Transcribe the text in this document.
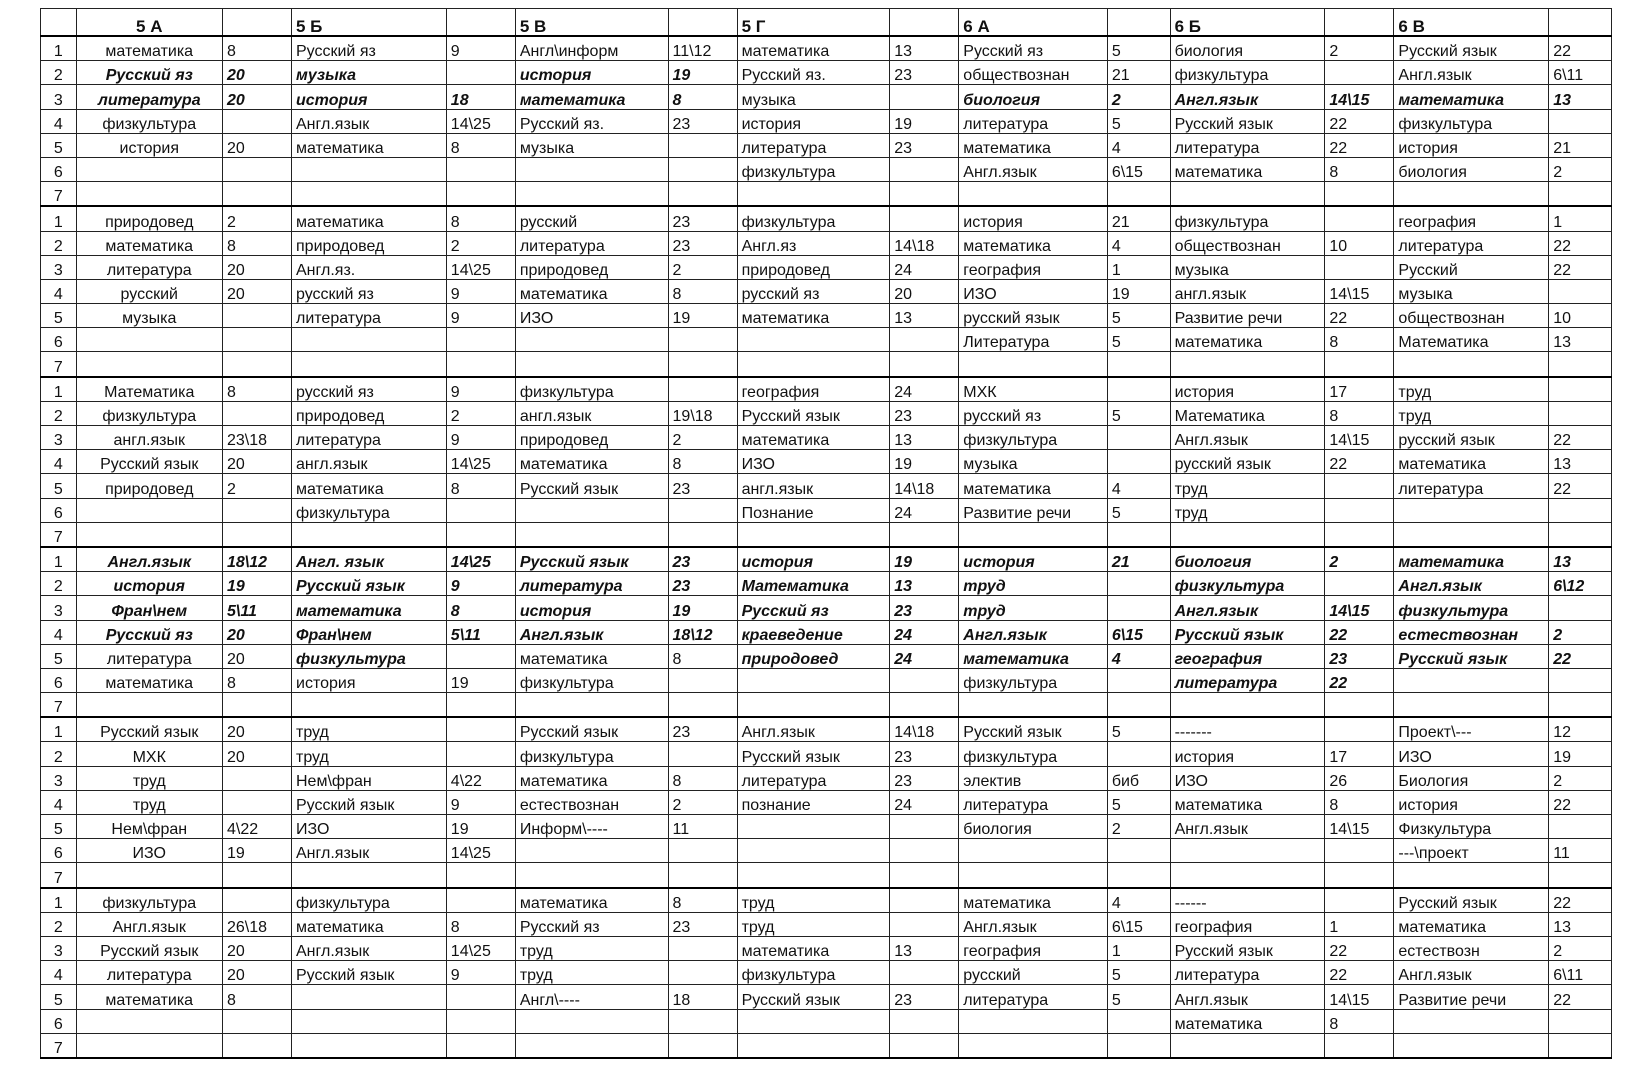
	5 А		5 Б		5 В		5 Г		6 А		6 Б		6 В	
1	математика	8	Русский яз	9	Англ\информ	11\12	математика	13	Русский яз	5	биология	2	Русский язык	22
2	Русский яз	20	музыка		история	19	Русский яз.	23	обществознан	21	физкультура		Англ.язык	6\11
3	литература	20	история	18	математика	8	музыка		биология	2	Англ.язык	14\15	математика	13
4	физкультура		Англ.язык	14\25	Русский яз.	23	история	19	литература	5	Русский язык	22	физкультура	
5	история	20	математика	8	музыка		литература	23	математика	4	литература	22	история	21
6							физкультура		Англ.язык	6\15	математика	8	биология	2
7														
1	природовед	2	математика	8	русский	23	физкультура		история	21	физкультура		география	1
2	математика	8	природовед	2	литература	23	Англ.яз	14\18	математика	4	обществознан	10	литература	22
3	литература	20	Англ.яз.	14\25	природовед	2	природовед	24	география	1	музыка		Русский	22
4	русский	20	русский яз	9	математика	8	русский яз	20	ИЗО	19	англ.язык	14\15	музыка	
5	музыка		литература	9	ИЗО	19	математика	13	русский язык	5	Развитие речи	22	обществознан	10
6									Литература	5	математика	8	Математика	13
7														
1	Математика	8	русский яз	9	физкультура		география	24	МХК		история	17	труд	
2	физкультура		природовед	2	англ.язык	19\18	Русский язык	23	русский яз	5	Математика	8	труд	
3	англ.язык	23\18	литература	9	природовед	2	математика	13	физкультура		Англ.язык	14\15	русский язык	22
4	Русский язык	20	англ.язык	14\25	математика	8	ИЗО	19	музыка		русский язык	22	математика	13
5	природовед	2	математика	8	Русский язык	23	англ.язык	14\18	математика	4	труд		литература	22
6			физкультура				Познание	24	Развитие речи	5	труд			
7														
1	Англ.язык	18\12	Англ. язык	14\25	Русский язык	23	история	19	история	21	биология	2	математика	13
2	история	19	Русский язык	9	литература	23	Математика	13	труд		физкультура		Англ.язык	6\12
3	Фран\нем	5\11	математика	8	история	19	Русский яз	23	труд		Англ.язык	14\15	физкультура	
4	Русский яз	20	Фран\нем	5\11	Англ.язык	18\12	краеведение	24	Англ.язык	6\15	Русский язык	22	естествознан	2
5	литература	20	физкультура		математика	8	природовед	24	математика	4	география	23	Русский язык	22
6	математика	8	история	19	физкультура				физкультура		литература	22		
7														
1	Русский язык	20	труд		Русский язык	23	Англ.язык	14\18	Русский язык	5	-------		Проект\---	12
2	МХК	20	труд		физкультура		Русский язык	23	физкультура		история	17	ИЗО	19
3	труд		Нем\фран	4\22	математика	8	литература	23	электив	биб	ИЗО	26	Биология	2
4	труд		Русский язык	9	естествознан	2	познание	24	литература	5	математика	8	история	22
5	Нем\фран	4\22	ИЗО	19	Информ\----	11			биология	2	Англ.язык	14\15	Физкультура	
6	ИЗО	19	Англ.язык	14\25									---\проект	11
7														
1	физкультура		физкультура		математика	8	труд		математика	4	------		Русский язык	22
2	Англ.язык	26\18	математика	8	Русский яз	23	труд		Англ.язык	6\15	география	1	математика	13
3	Русский язык	20	Англ.язык	14\25	труд		математика	13	география	1	Русский язык	22	естествозн	2
4	литература	20	Русский язык	9	труд		физкультура		русский	5	литература	22	Англ.язык	6\11
5	математика	8			Англ\----	18	Русский язык	23	литература	5	Англ.язык	14\15	Развитие речи	22
6											математика	8		
7														
